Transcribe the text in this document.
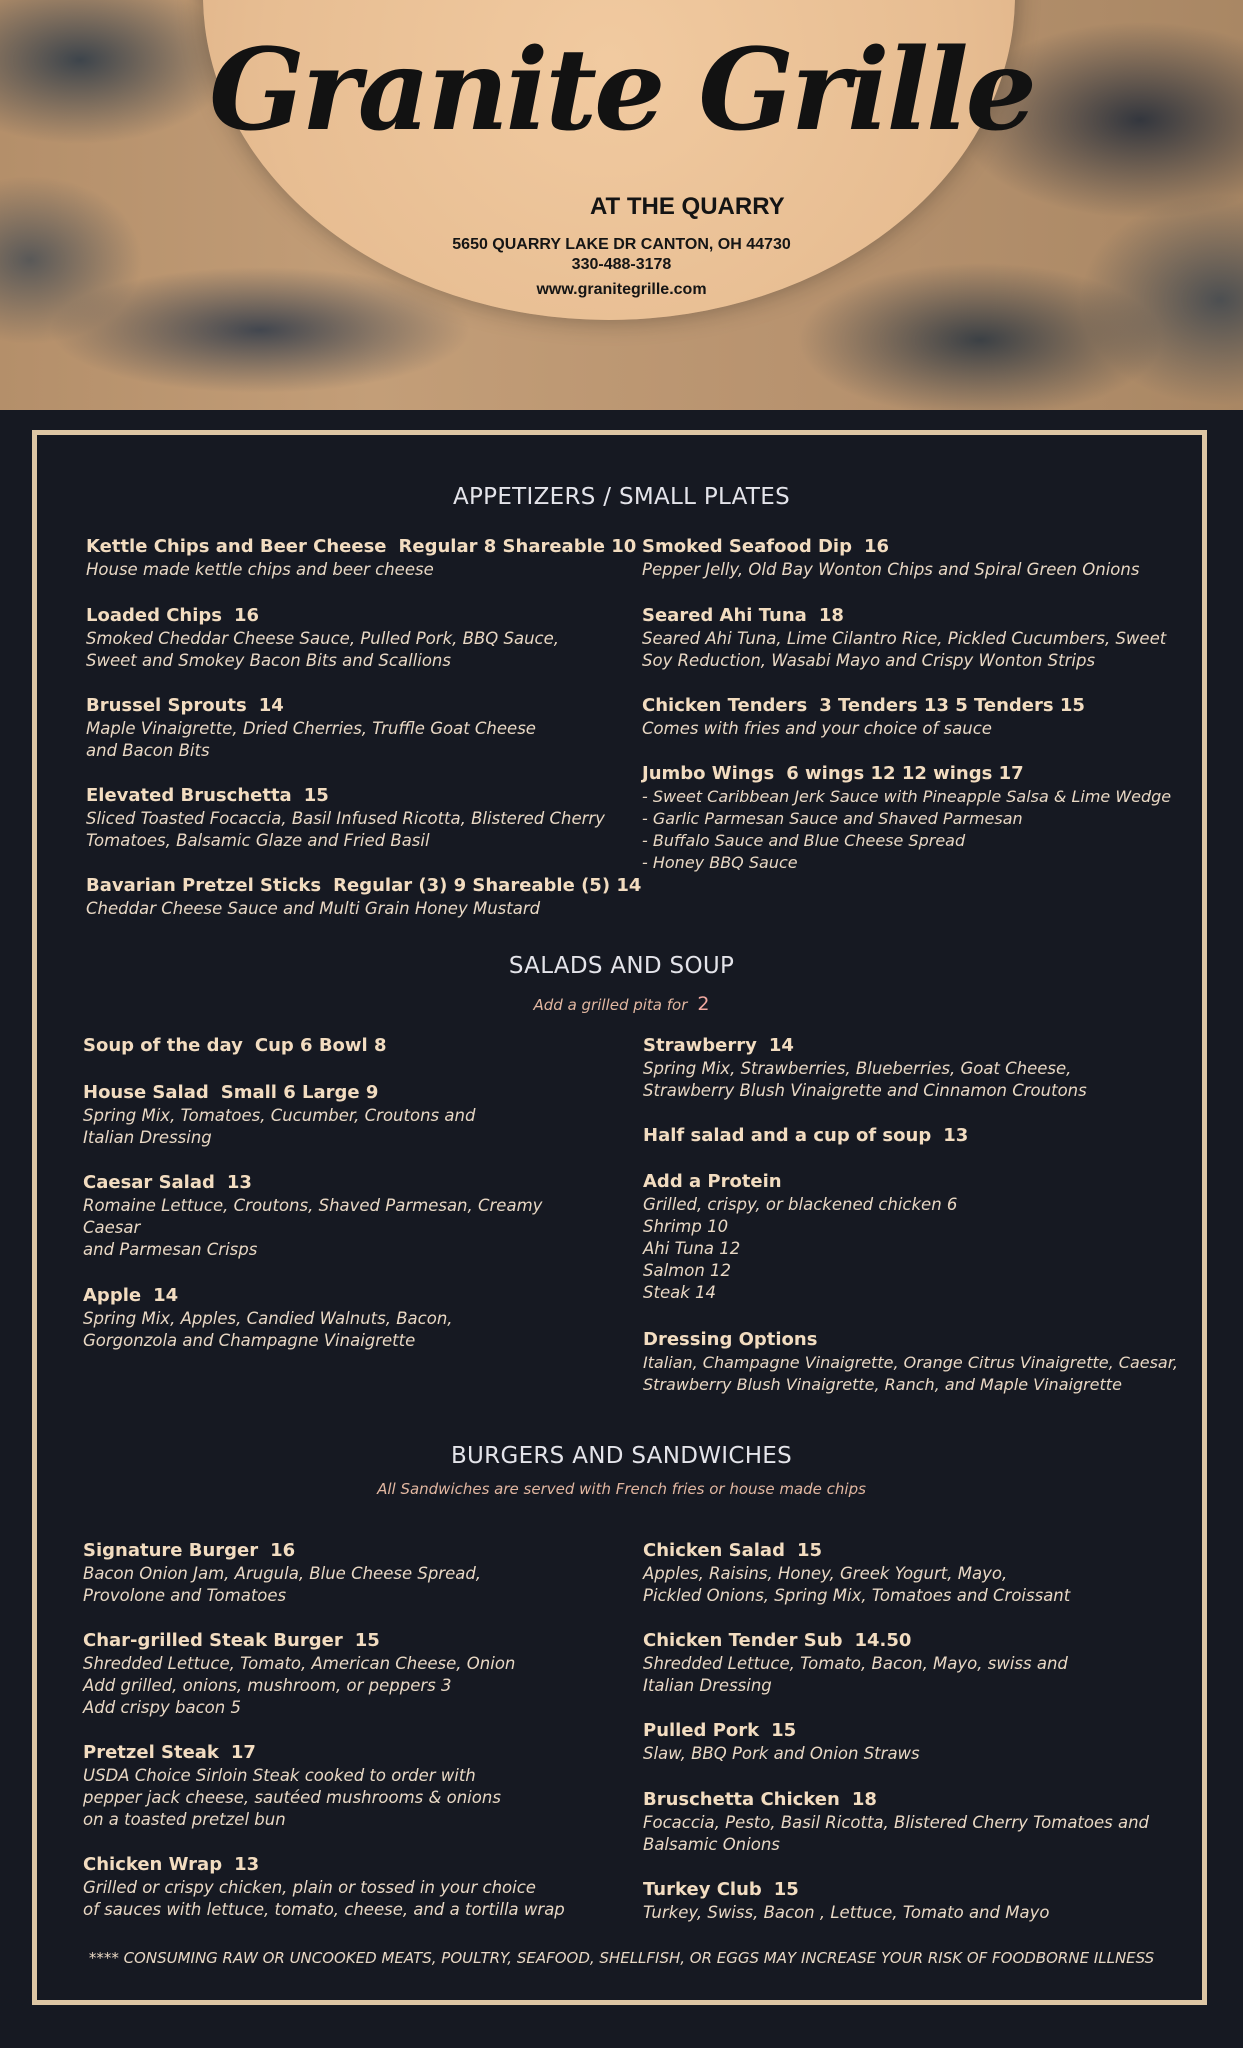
Granite Grille
AT THE QUARRY
5650 QUARRY LAKE DR CANTON, OH 44730
330-488-3178
www.granitegrille.com
APPETIZERS / SMALL PLATES
Kettle Chips and Beer Cheese Regular 8 Shareable 10
House made kettle chips and beer cheese
Loaded Chips 16
Smoked Cheddar Cheese Sauce, Pulled Pork, BBQ Sauce,
Sweet and Smokey Bacon Bits and Scallions
Brussel Sprouts 14
Maple Vinaigrette, Dried Cherries, Truffle Goat Cheese
and Bacon Bits
Elevated Bruschetta 15
Sliced Toasted Focaccia, Basil Infused Ricotta, Blistered Cherry
Tomatoes, Balsamic Glaze and Fried Basil
Bavarian Pretzel Sticks Regular (3) 9 Shareable (5) 14
Cheddar Cheese Sauce and Multi Grain Honey Mustard
Smoked Seafood Dip 16
Pepper Jelly, Old Bay Wonton Chips and Spiral Green Onions
Seared Ahi Tuna 18
Seared Ahi Tuna, Lime Cilantro Rice, Pickled Cucumbers, Sweet
Soy Reduction, Wasabi Mayo and Crispy Wonton Strips
Chicken Tenders 3 Tenders 13 5 Tenders 15
Comes with fries and your choice of sauce
Jumbo Wings 6 wings 12 12 wings 17
- Sweet Caribbean Jerk Sauce with Pineapple Salsa & Lime Wedge
- Garlic Parmesan Sauce and Shaved Parmesan
- Buffalo Sauce and Blue Cheese Spread
- Honey BBQ Sauce
SALADS AND SOUP
Add a grilled pita for 2
Soup of the day Cup 6 Bowl 8
House Salad Small 6 Large 9
Spring Mix, Tomatoes, Cucumber, Croutons and
Italian Dressing
Caesar Salad 13
Romaine Lettuce, Croutons, Shaved Parmesan, Creamy
Caesar
and Parmesan Crisps
Apple 14
Spring Mix, Apples, Candied Walnuts, Bacon,
Gorgonzola and Champagne Vinaigrette
Strawberry 14
Spring Mix, Strawberries, Blueberries, Goat Cheese,
Strawberry Blush Vinaigrette and Cinnamon Croutons
Half salad and a cup of soup 13
Add a Protein
Grilled, crispy, or blackened chicken 6
Shrimp 10
Ahi Tuna 12
Salmon 12
Steak 14
Dressing Options
Italian, Champagne Vinaigrette, Orange Citrus Vinaigrette, Caesar,
Strawberry Blush Vinaigrette, Ranch, and Maple Vinaigrette
BURGERS AND SANDWICHES
All Sandwiches are served with French fries or house made chips
Signature Burger 16
Bacon Onion Jam, Arugula, Blue Cheese Spread,
Provolone and Tomatoes
Char-grilled Steak Burger 15
Shredded Lettuce, Tomato, American Cheese, Onion
Add grilled, onions, mushroom, or peppers 3
Add crispy bacon 5
Pretzel Steak 17
USDA Choice Sirloin Steak cooked to order with
pepper jack cheese, sautéed mushrooms & onions
on a toasted pretzel bun
Chicken Wrap 13
Grilled or crispy chicken, plain or tossed in your choice
of sauces with lettuce, tomato, cheese, and a tortilla wrap
Chicken Salad 15
Apples, Raisins, Honey, Greek Yogurt, Mayo,
Pickled Onions, Spring Mix, Tomatoes and Croissant
Chicken Tender Sub 14.50
Shredded Lettuce, Tomato, Bacon, Mayo, swiss and
Italian Dressing
Pulled Pork 15
Slaw, BBQ Pork and Onion Straws
Bruschetta Chicken 18
Focaccia, Pesto, Basil Ricotta, Blistered Cherry Tomatoes and
Balsamic Onions
Turkey Club 15
Turkey, Swiss, Bacon , Lettuce, Tomato and Mayo
**** CONSUMING RAW OR UNCOOKED MEATS, POULTRY, SEAFOOD, SHELLFISH, OR EGGS MAY INCREASE YOUR RISK OF FOODBORNE ILLNESS
